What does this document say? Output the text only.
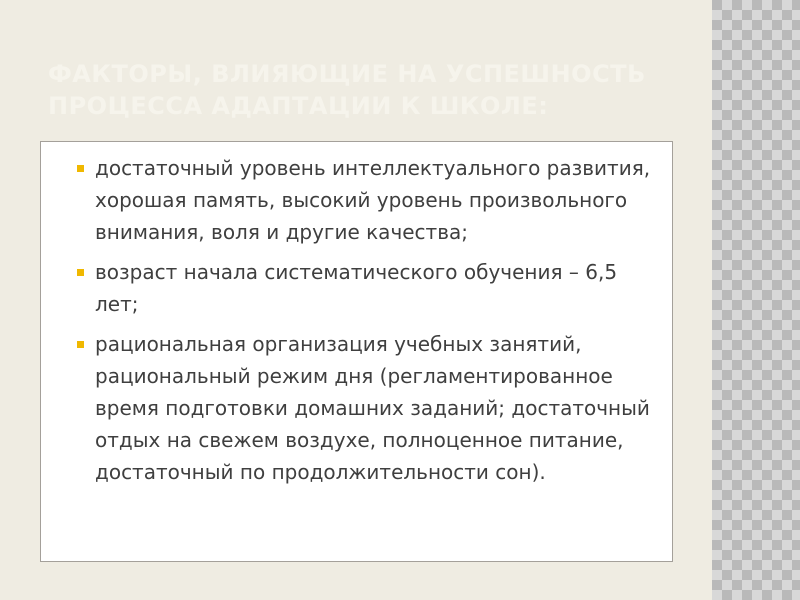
ФАКТОРЫ, ВЛИЯЮЩИЕ НА УСПЕШНОСТЬ ПРОЦЕССА АДАПТАЦИИ К ШКОЛЕ:
достаточный уровень интеллектуального развития, хорошая память, высокий уровень произвольного внимания, воля и другие качества;
возраст начала систематического обучения – 6,5 лет;
рациональная организация учебных занятий, рациональный режим дня (регламентированное время подготовки домашних заданий; достаточный отдых на свежем воздухе, полноценное питание, достаточный по продолжительности сон).
